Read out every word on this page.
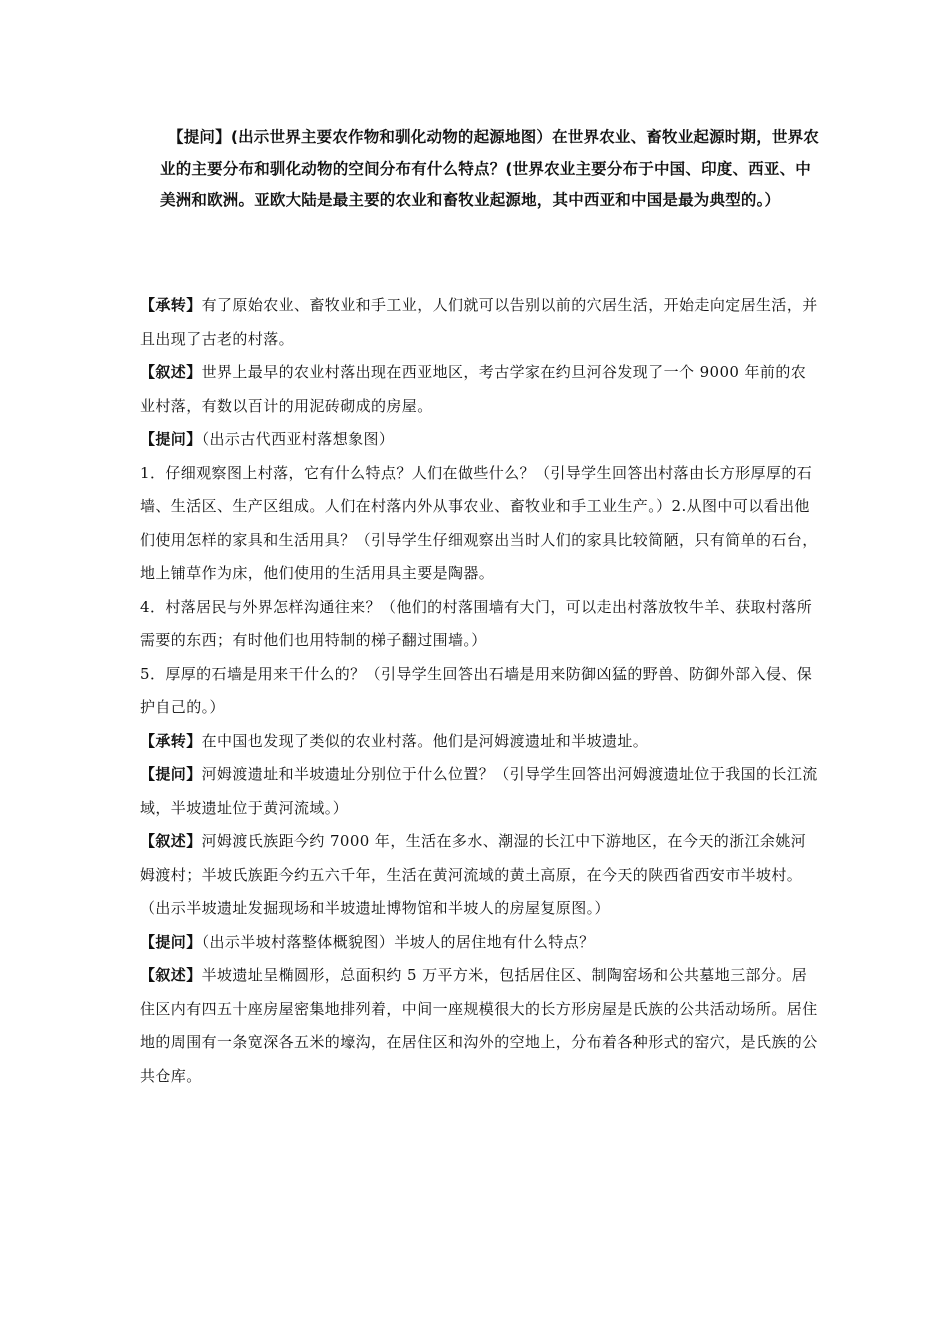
【提问】(出示世界主要农作物和驯化动物的起源地图）在世界农业、畜牧业起源时期，世界农业的主要分布和驯化动物的空间分布有什么特点？(世界农业主要分布于中国、印度、西亚、中美洲和欧洲。亚欧大陆是最主要的农业和畜牧业起源地，其中西亚和中国是最为典型的。）

【承转】有了原始农业、畜牧业和手工业，人们就可以告别以前的穴居生活，开始走向定居生活，并且出现了古老的村落。

【叙述】世界上最早的农业村落出现在西亚地区，考古学家在约旦河谷发现了一个 9000 年前的农业村落，有数以百计的用泥砖砌成的房屋。

【提问】（出示古代西亚村落想象图）

1．仔细观察图上村落，它有什么特点？人们在做些什么？（引导学生回答出村落由长方形厚厚的石墙、生活区、生产区组成。人们在村落内外从事农业、畜牧业和手工业生产。）2.从图中可以看出他们使用怎样的家具和生活用具？（引导学生仔细观察出当时人们的家具比较简陋，只有简单的石台，地上铺草作为床，他们使用的生活用具主要是陶器。

4．村落居民与外界怎样沟通往来？（他们的村落围墙有大门，可以走出村落放牧牛羊、获取村落所需要的东西；有时他们也用特制的梯子翻过围墙。）

5．厚厚的石墙是用来干什么的？（引导学生回答出石墙是用来防御凶猛的野兽、防御外部入侵、保护自己的。）

【承转】在中国也发现了类似的农业村落。他们是河姆渡遗址和半坡遗址。

【提问】河姆渡遗址和半坡遗址分别位于什么位置？（引导学生回答出河姆渡遗址位于我国的长江流域，半坡遗址位于黄河流域。）

【叙述】河姆渡氏族距今约 7000 年，生活在多水、潮湿的长江中下游地区，在今天的浙江余姚河姆渡村；半坡氏族距今约五六千年，生活在黄河流域的黄土高原，在今天的陕西省西安市半坡村。（出示半坡遗址发掘现场和半坡遗址博物馆和半坡人的房屋复原图。）

【提问】（出示半坡村落整体概貌图）半坡人的居住地有什么特点？

【叙述】半坡遗址呈椭圆形，总面积约 5 万平方米，包括居住区、制陶窑场和公共墓地三部分。居住区内有四五十座房屋密集地排列着，中间一座规模很大的长方形房屋是氏族的公共活动场所。居住地的周围有一条宽深各五米的壕沟，在居住区和沟外的空地上，分布着各种形式的窑穴，是氏族的公共仓库。
